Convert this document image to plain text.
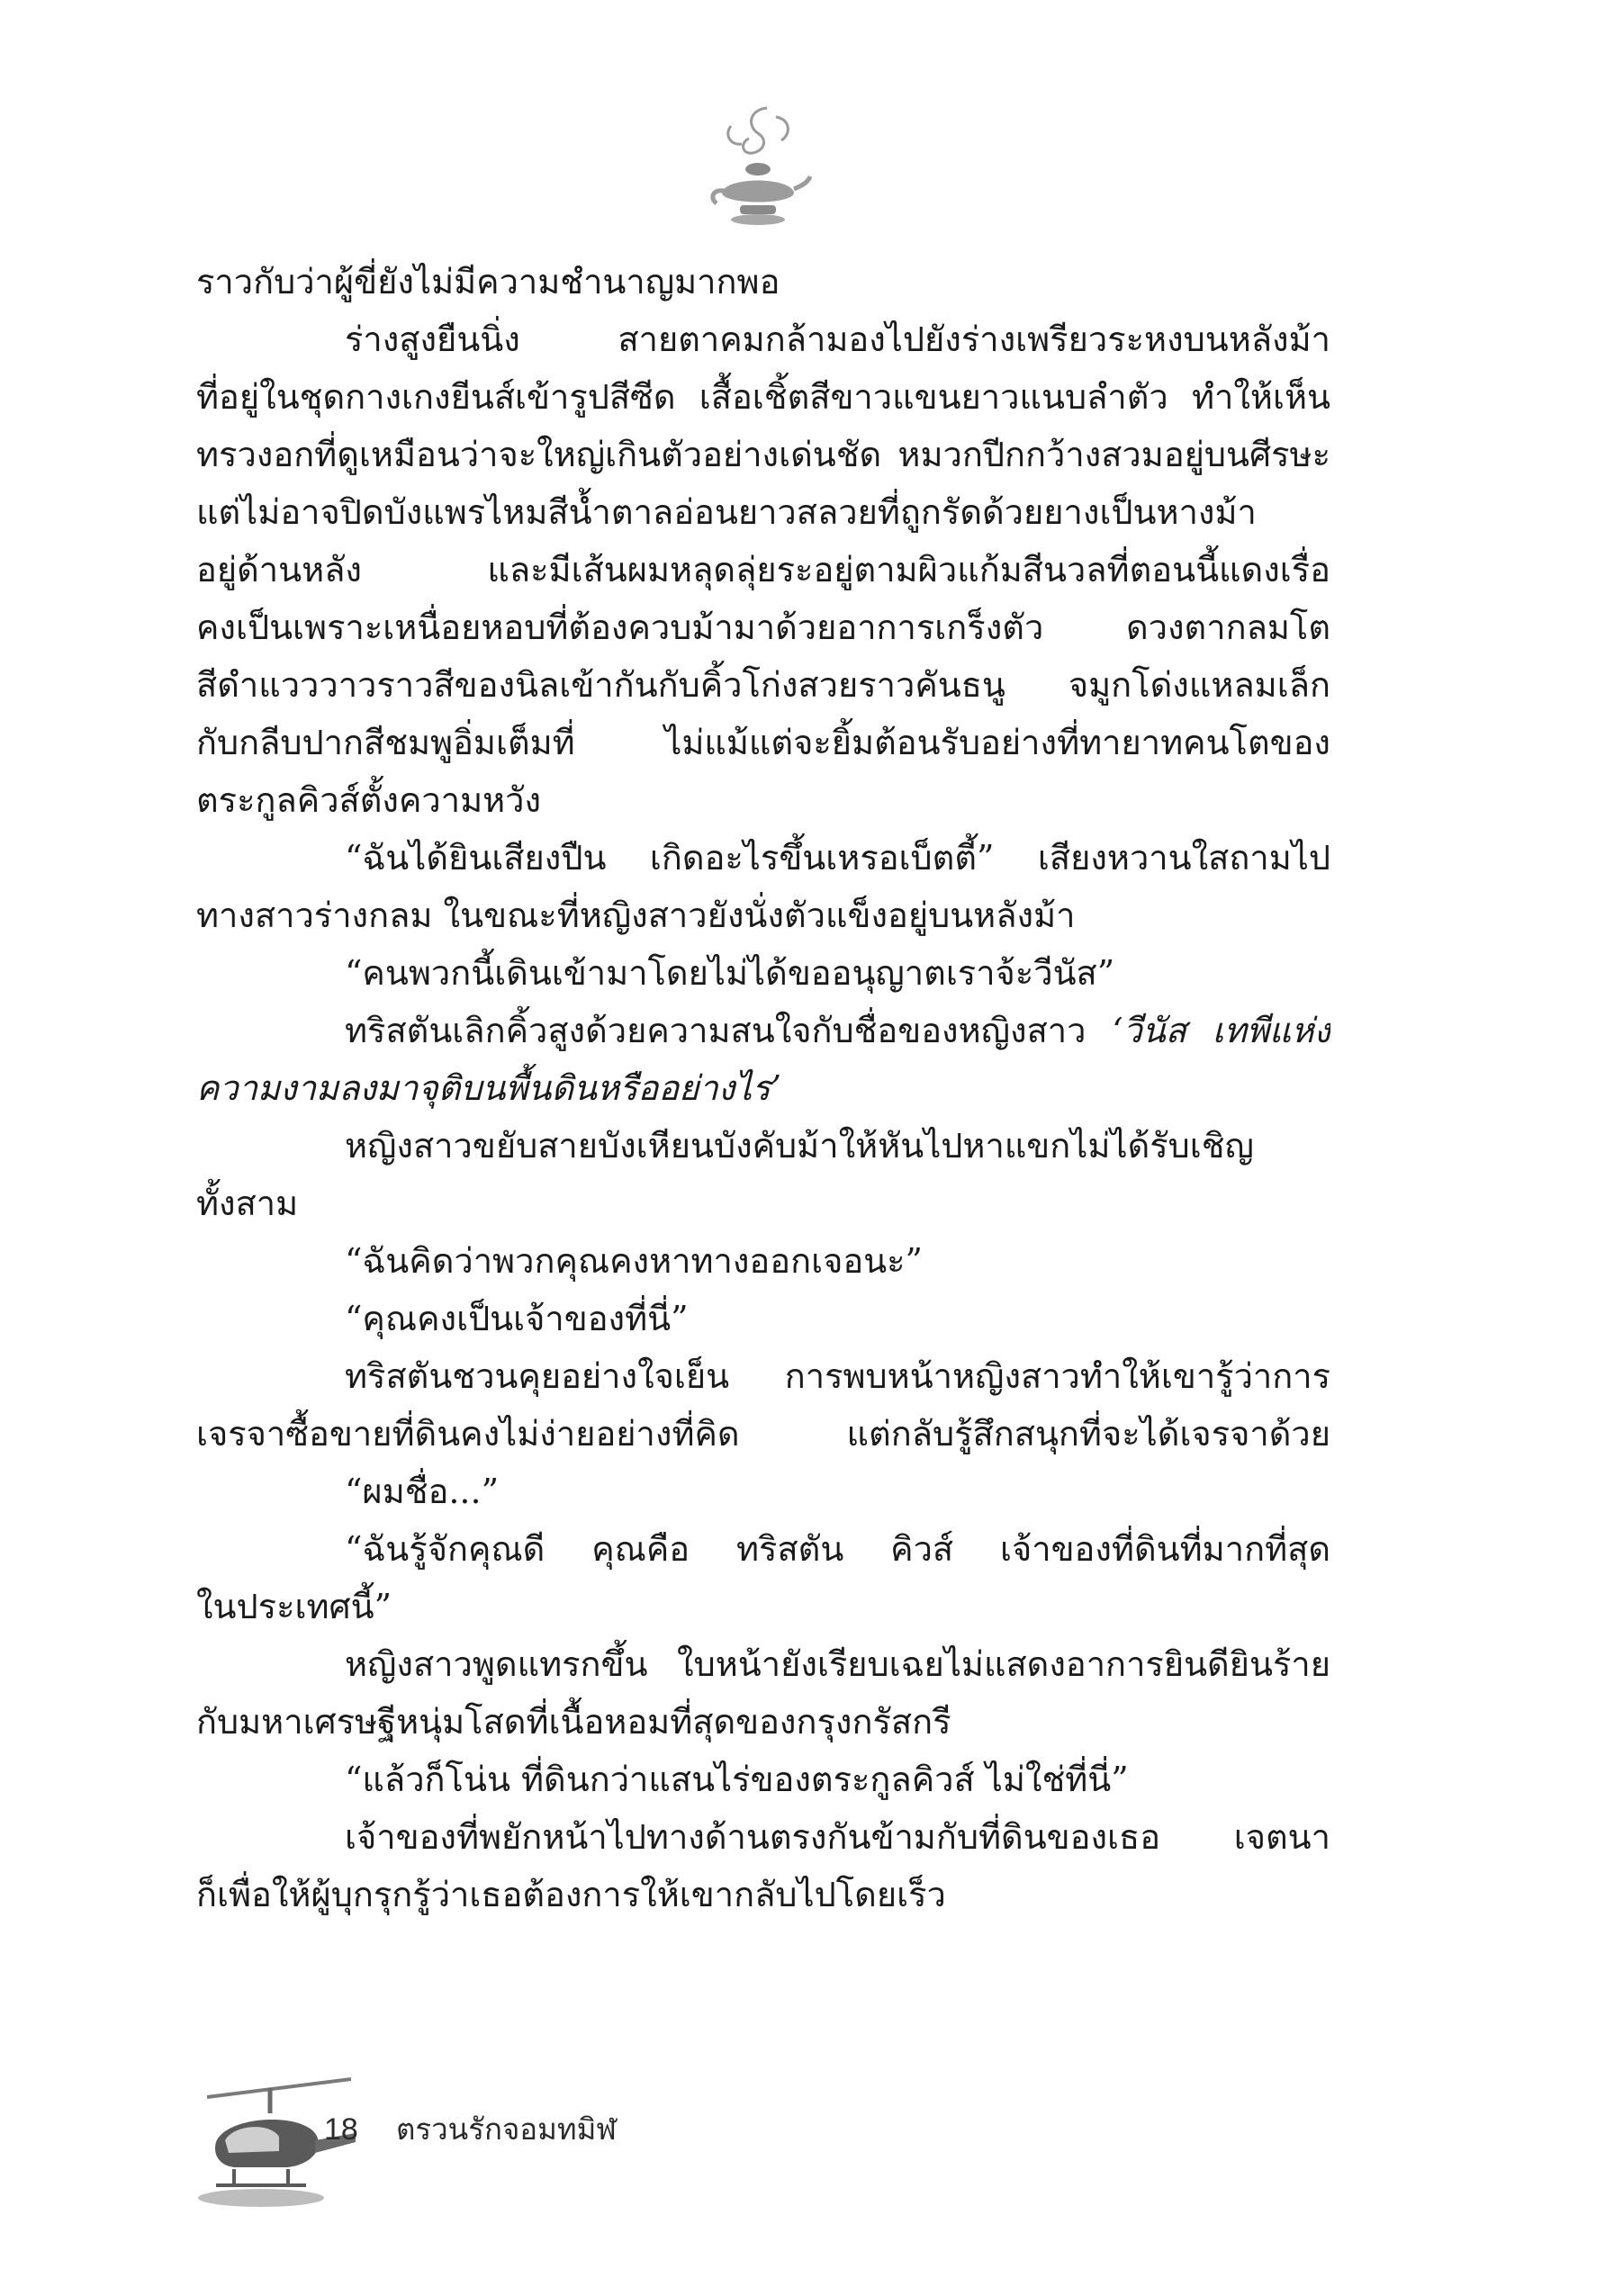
ราวกับว่าผู้ขี่ยังไม่มีความชำนาญมากพอ
ร่างสูงยืนนิ่ง สายตาคมกล้ามองไปยังร่างเพรียวระหงบนหลังม้า
ที่อยู่ในชุดกางเกงยีนส์เข้ารูปสีซีด เสื้อเชิ้ตสีขาวแขนยาวแนบลำตัว ทำให้เห็น
ทรวงอกที่ดูเหมือนว่าจะใหญ่เกินตัวอย่างเด่นชัด หมวกปีกกว้างสวมอยู่บนศีรษะ
แต่ไม่อาจปิดบังแพรไหมสีน้ำตาลอ่อนยาวสลวยที่ถูกรัดด้วยยางเป็นหางม้า
อยู่ด้านหลัง และมีเส้นผมหลุดลุ่ยระอยู่ตามผิวแก้มสีนวลที่ตอนนี้แดงเรื่อ
คงเป็นเพราะเหนื่อยหอบที่ต้องควบม้ามาด้วยอาการเกร็งตัว ดวงตากลมโต
สีดำแวววาวราวสีของนิลเข้ากันกับคิ้วโก่งสวยราวคันธนู จมูกโด่งแหลมเล็ก
กับกลีบปากสีชมพูอิ่มเต็มที่ ไม่แม้แต่จะยิ้มต้อนรับอย่างที่ทายาทคนโตของ
ตระกูลคิวส์ตั้งความหวัง
“ฉันได้ยินเสียงปืน เกิดอะไรขึ้นเหรอเบ็ตตี้” เสียงหวานใสถามไป
ทางสาวร่างกลม ในขณะที่หญิงสาวยังนั่งตัวแข็งอยู่บนหลังม้า
“คนพวกนี้เดินเข้ามาโดยไม่ได้ขออนุญาตเราจ้ะวีนัส”
ทริสตันเลิกคิ้วสูงด้วยความสนใจกับชื่อของหญิงสาว ‘วีนัส เทพีแห่ง
ความงามลงมาจุติบนพื้นดินหรืออย่างไร’
หญิงสาวขยับสายบังเหียนบังคับม้าให้หันไปหาแขกไม่ได้รับเชิญ
ทั้งสาม
“ฉันคิดว่าพวกคุณคงหาทางออกเจอนะ”
“คุณคงเป็นเจ้าของที่นี่”
ทริสตันชวนคุยอย่างใจเย็น การพบหน้าหญิงสาวทำให้เขารู้ว่าการ
เจรจาซื้อขายที่ดินคงไม่ง่ายอย่างที่คิด แต่กลับรู้สึกสนุกที่จะได้เจรจาด้วย
“ผมชื่อ...”
“ฉันรู้จักคุณดี คุณคือ ทริสตัน คิวส์ เจ้าของที่ดินที่มากที่สุด
ในประเทศนี้”
หญิงสาวพูดแทรกขึ้น ใบหน้ายังเรียบเฉยไม่แสดงอาการยินดียินร้าย
กับมหาเศรษฐีหนุ่มโสดที่เนื้อหอมที่สุดของกรุงกรัสกรี
“แล้วก็โน่น ที่ดินกว่าแสนไร่ของตระกูลคิวส์ ไม่ใช่ที่นี่”
เจ้าของที่พยักหน้าไปทางด้านตรงกันข้ามกับที่ดินของเธอ เจตนา
ก็เพื่อให้ผู้บุกรุกรู้ว่าเธอต้องการให้เขากลับไปโดยเร็ว
18 ตรวนรักจอมทมิฬ
